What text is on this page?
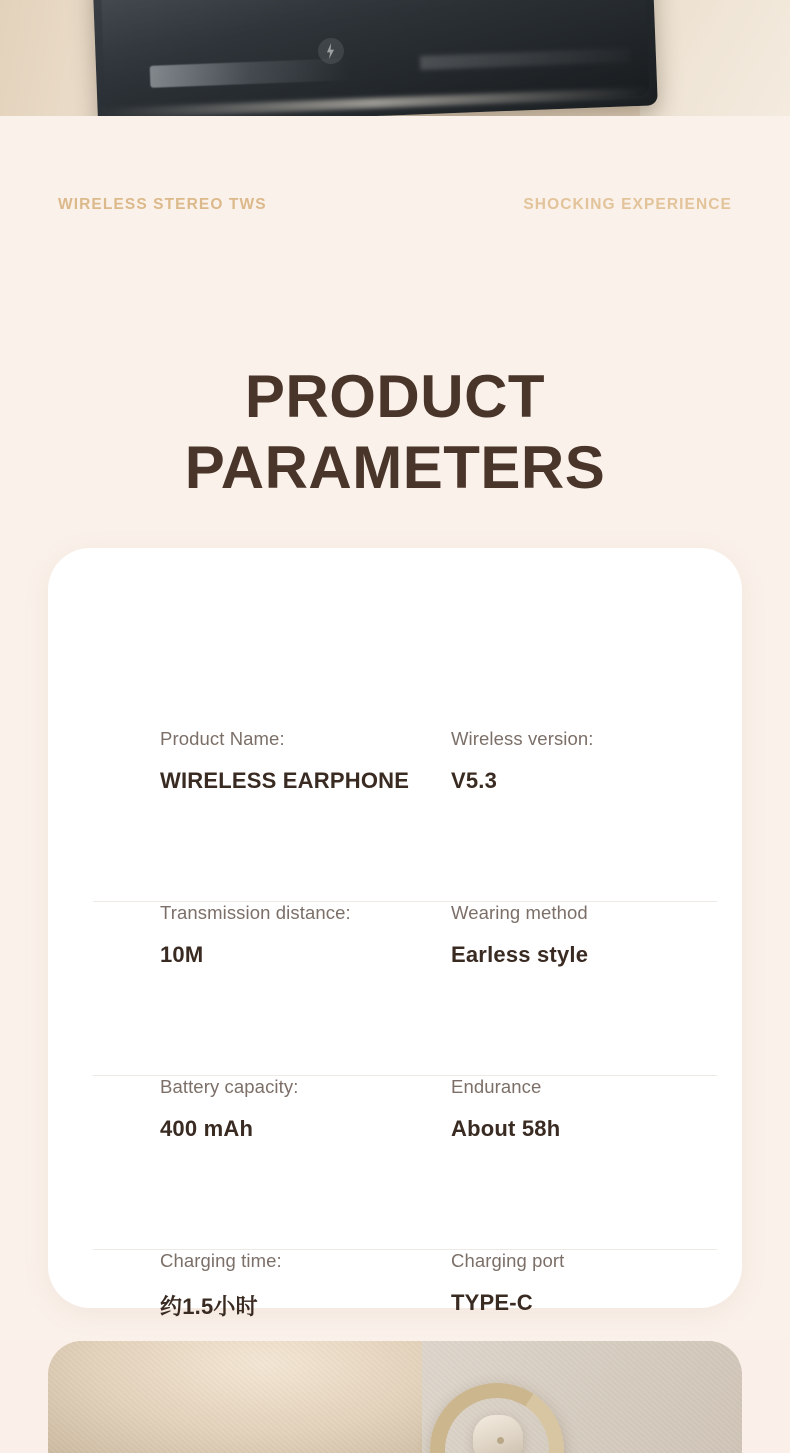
WIRELESS STEREO TWS	SHOCKING EXPERIENCE
PRODUCT
PARAMETERS
Product Name:
WIRELESS EARPHONE
Wireless version:
V5.3
Transmission distance:
10M
Wearing method
Earless style
Battery capacity:
400 mAh
Endurance
About 58h
Charging time:
约1.5小时
Charging port
TYPE-C
